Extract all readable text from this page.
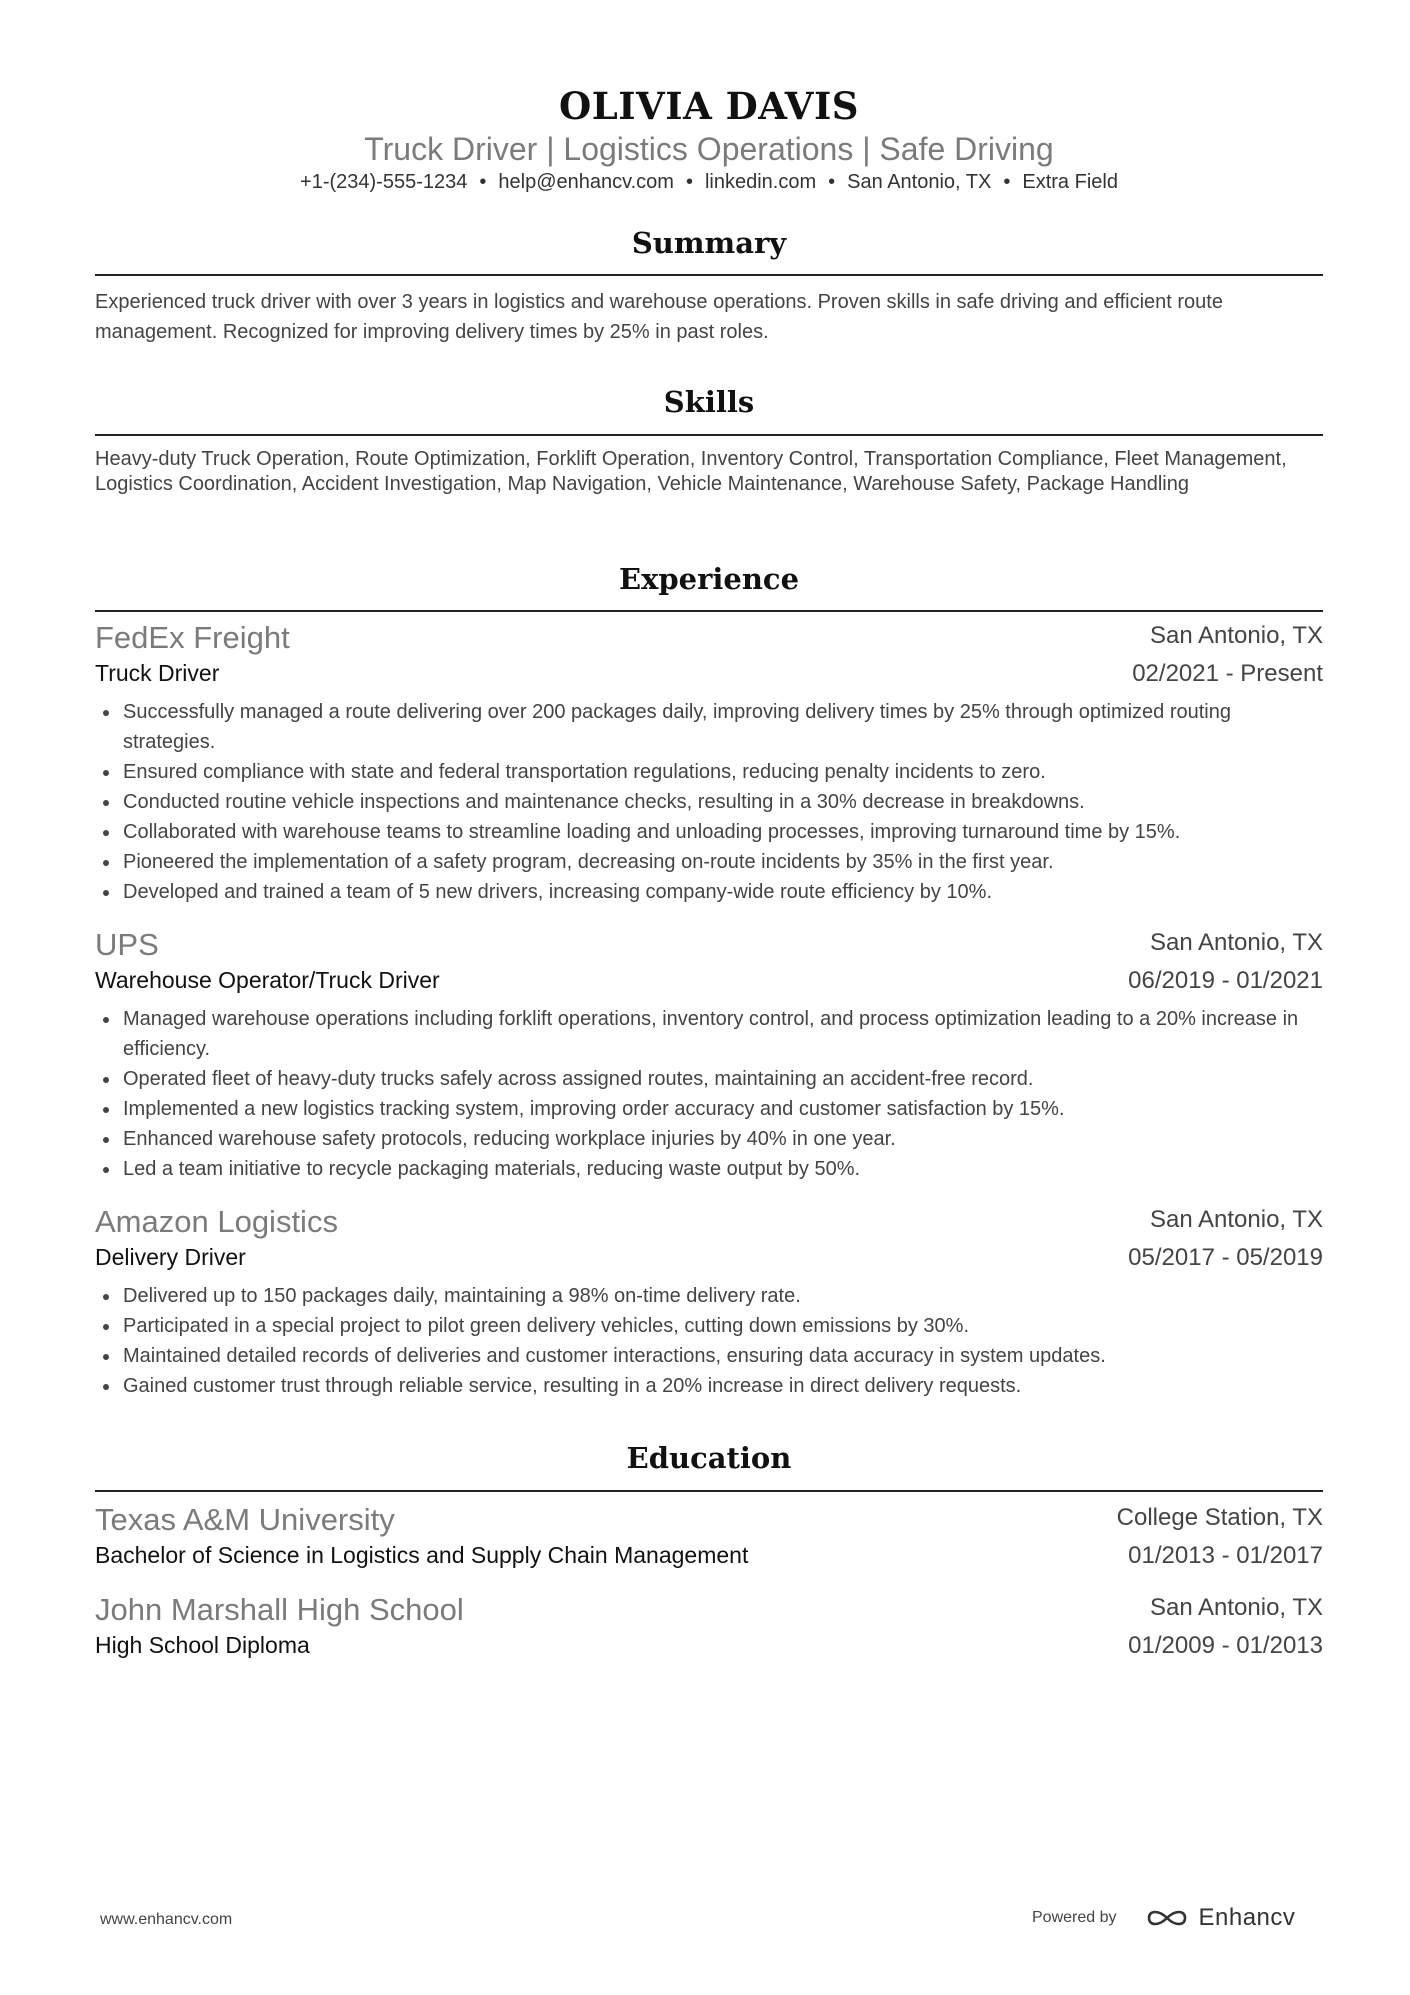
OLIVIA DAVIS
Truck Driver | Logistics Operations | Safe Driving
+1-(234)-555-1234 • help@enhancv.com • linkedin.com • San Antonio, TX • Extra Field
Summary
Experienced truck driver with over 3 years in logistics and warehouse operations. Proven skills in safe driving and efficient route management. Recognized for improving delivery times by 25% in past roles.
Skills
Heavy-duty Truck Operation, Route Optimization, Forklift Operation, Inventory Control, Transportation Compliance, Fleet Management, Logistics Coordination, Accident Investigation, Map Navigation, Vehicle Maintenance, Warehouse Safety, Package Handling
Experience
FedEx Freight	San Antonio, TX
Truck Driver	02/2021 - Present
Successfully managed a route delivering over 200 packages daily, improving delivery times by 25% through optimized routing strategies.
Ensured compliance with state and federal transportation regulations, reducing penalty incidents to zero.
Conducted routine vehicle inspections and maintenance checks, resulting in a 30% decrease in breakdowns.
Collaborated with warehouse teams to streamline loading and unloading processes, improving turnaround time by 15%.
Pioneered the implementation of a safety program, decreasing on-route incidents by 35% in the first year.
Developed and trained a team of 5 new drivers, increasing company-wide route efficiency by 10%.
UPS	San Antonio, TX
Warehouse Operator/Truck Driver	06/2019 - 01/2021
Managed warehouse operations including forklift operations, inventory control, and process optimization leading to a 20% increase in efficiency.
Operated fleet of heavy-duty trucks safely across assigned routes, maintaining an accident-free record.
Implemented a new logistics tracking system, improving order accuracy and customer satisfaction by 15%.
Enhanced warehouse safety protocols, reducing workplace injuries by 40% in one year.
Led a team initiative to recycle packaging materials, reducing waste output by 50%.
Amazon Logistics	San Antonio, TX
Delivery Driver	05/2017 - 05/2019
Delivered up to 150 packages daily, maintaining a 98% on-time delivery rate.
Participated in a special project to pilot green delivery vehicles, cutting down emissions by 30%.
Maintained detailed records of deliveries and customer interactions, ensuring data accuracy in system updates.
Gained customer trust through reliable service, resulting in a 20% increase in direct delivery requests.
Education
Texas A&M University	College Station, TX
Bachelor of Science in Logistics and Supply Chain Management	01/2013 - 01/2017
John Marshall High School	San Antonio, TX
High School Diploma	01/2009 - 01/2013
www.enhancv.com	Powered by	Enhancv
